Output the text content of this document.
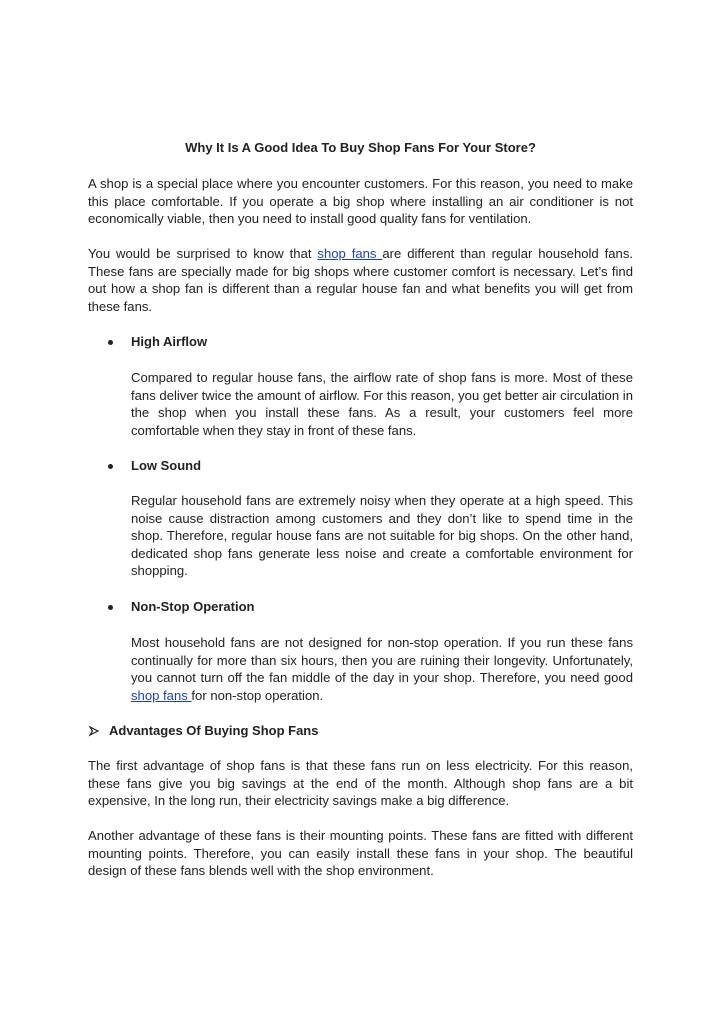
Why It Is A Good Idea To Buy Shop Fans For Your Store?
A shop is a special place where you encounter customers. For this reason, you need to make this place comfortable. If you operate a big shop where installing an air conditioner is not economically viable, then you need to install good quality fans for ventilation.
You would be surprised to know that shop fans are different than regular household fans. These fans are specially made for big shops where customer comfort is necessary. Let’s find out how a shop fan is different than a regular house fan and what benefits you will get from these fans.
High Airflow
Compared to regular house fans, the airflow rate of shop fans is more. Most of these fans deliver twice the amount of airflow. For this reason, you get better air circulation in the shop when you install these fans. As a result, your customers feel more comfortable when they stay in front of these fans.
Low Sound
Regular household fans are extremely noisy when they operate at a high speed. This noise cause distraction among customers and they don’t like to spend time in the shop. Therefore, regular house fans are not suitable for big shops. On the other hand, dedicated shop fans generate less noise and create a comfortable environment for shopping.
Non-Stop Operation
Most household fans are not designed for non-stop operation. If you run these fans continually for more than six hours, then you are ruining their longevity. Unfortunately, you cannot turn off the fan middle of the day in your shop. Therefore, you need good shop fans for non-stop operation.
Advantages Of Buying Shop Fans
The first advantage of shop fans is that these fans run on less electricity. For this reason, these fans give you big savings at the end of the month. Although shop fans are a bit expensive, In the long run, their electricity savings make a big difference.
Another advantage of these fans is their mounting points. These fans are fitted with different mounting points. Therefore, you can easily install these fans in your shop. The beautiful design of these fans blends well with the shop environment.
